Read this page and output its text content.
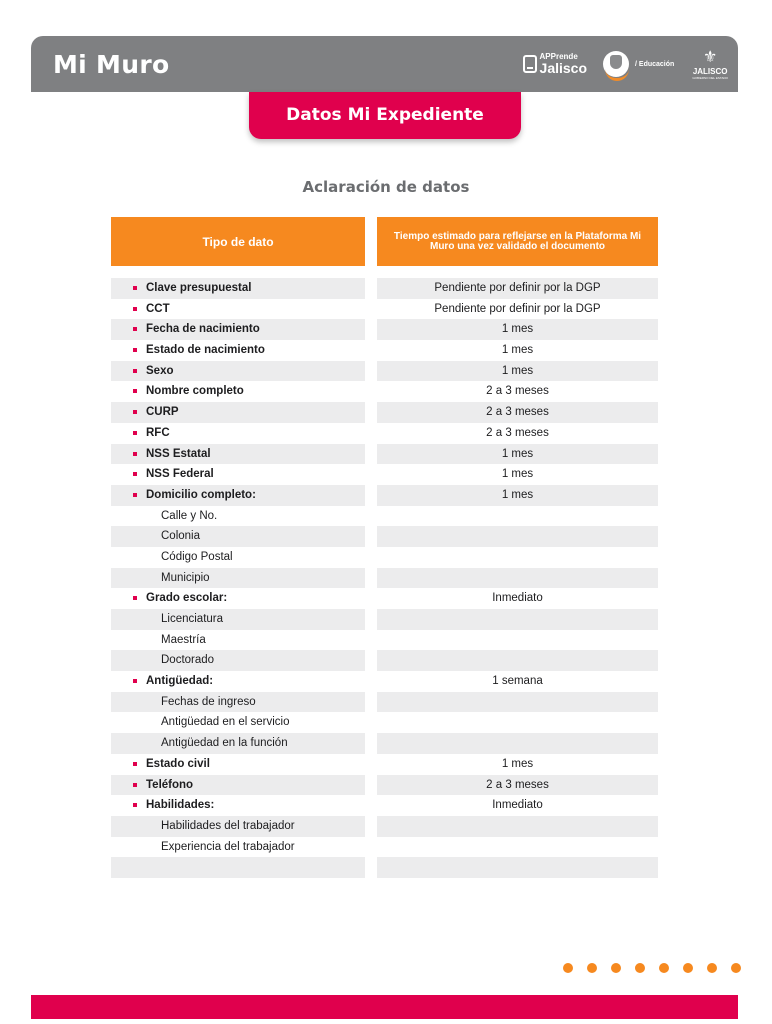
Mi Muro	APPrende
Jalisco	/ Educación ⚜
JALISCO
GOBIERNO DEL ESTADO
Datos Mi Expediente
Aclaración de datos
Tipo de dato	Tiempo estimado para reflejarse en la Plataforma Mi Muro una vez validado el documento
Clave presupuestal	Pendiente por definir por la DGP
CCT	Pendiente por definir por la DGP
Fecha de nacimiento	1 mes
Estado de nacimiento	1 mes
Sexo	1 mes
Nombre completo	2 a 3 meses
CURP	2 a 3 meses
RFC	2 a 3 meses
NSS Estatal	1 mes
NSS Federal	1 mes
Domicilio completo:	1 mes
Calle y No.
Colonia
Código Postal
Municipio
Grado escolar:	Inmediato
Licenciatura
Maestría
Doctorado
Antigüedad:	1 semana
Fechas de ingreso
Antigüedad en el servicio
Antigüedad en la función
Estado civil	1 mes
Teléfono	2 a 3 meses
Habilidades:	Inmediato
Habilidades del trabajador
Experiencia del trabajador
